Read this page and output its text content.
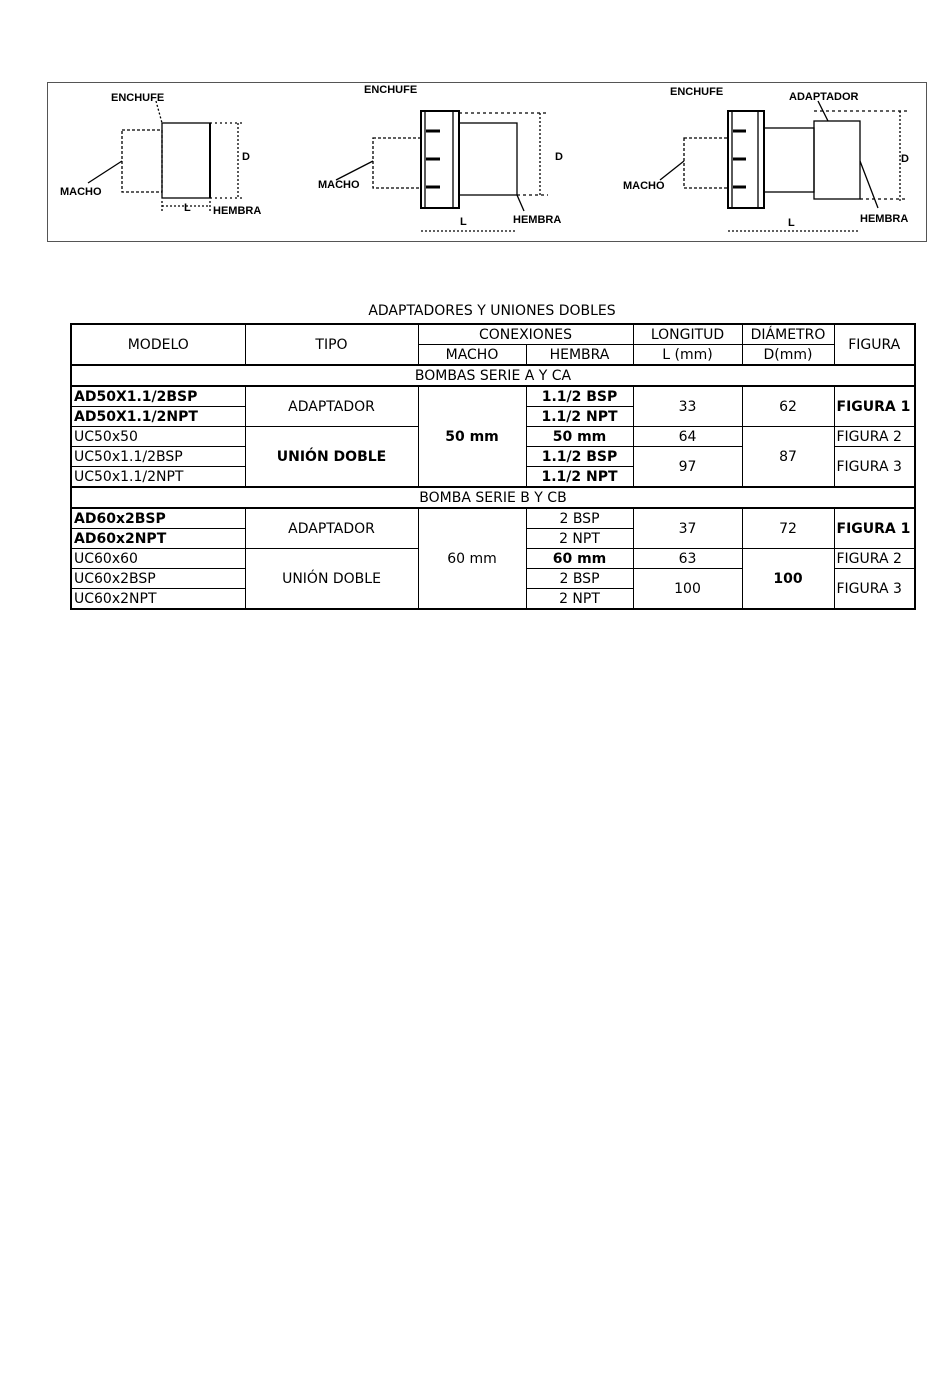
ENCHUFE
MACHO
HEMBRA
L
D
ENCHUFE
MACHO
HEMBRA
L
D
ENCHUFE	ADAPTADOR
MACHO
HEMBRA
L
D
ADAPTADORES Y UNIONES DOBLES
MODELO	TIPO	CONEXIONES		LONGITUD	DIÁMETRO	FIGURA
		MACHO	HEMBRA	L (mm)	D(mm)	
BOMBAS SERIE A Y CA						
AD50X1.1/2BSP	ADAPTADOR	50 mm	1.1/2 BSP	33	62	FIGURA 1
AD50X1.1/2NPT			1.1/2 NPT			
UC50x50	UNIÓN DOBLE		50 mm	64	87	FIGURA 2
UC50x1.1/2BSP			1.1/2 BSP	97		FIGURA 3
UC50x1.1/2NPT			1.1/2 NPT			
BOMBA SERIE B Y CB						
AD60x2BSP	ADAPTADOR	60 mm	2 BSP	37	72	FIGURA 1
AD60x2NPT			2 NPT			
UC60x60	UNIÓN DOBLE		60 mm	63	100	FIGURA 2
UC60x2BSP			2 BSP	100		FIGURA 3
UC60x2NPT			2 NPT			
